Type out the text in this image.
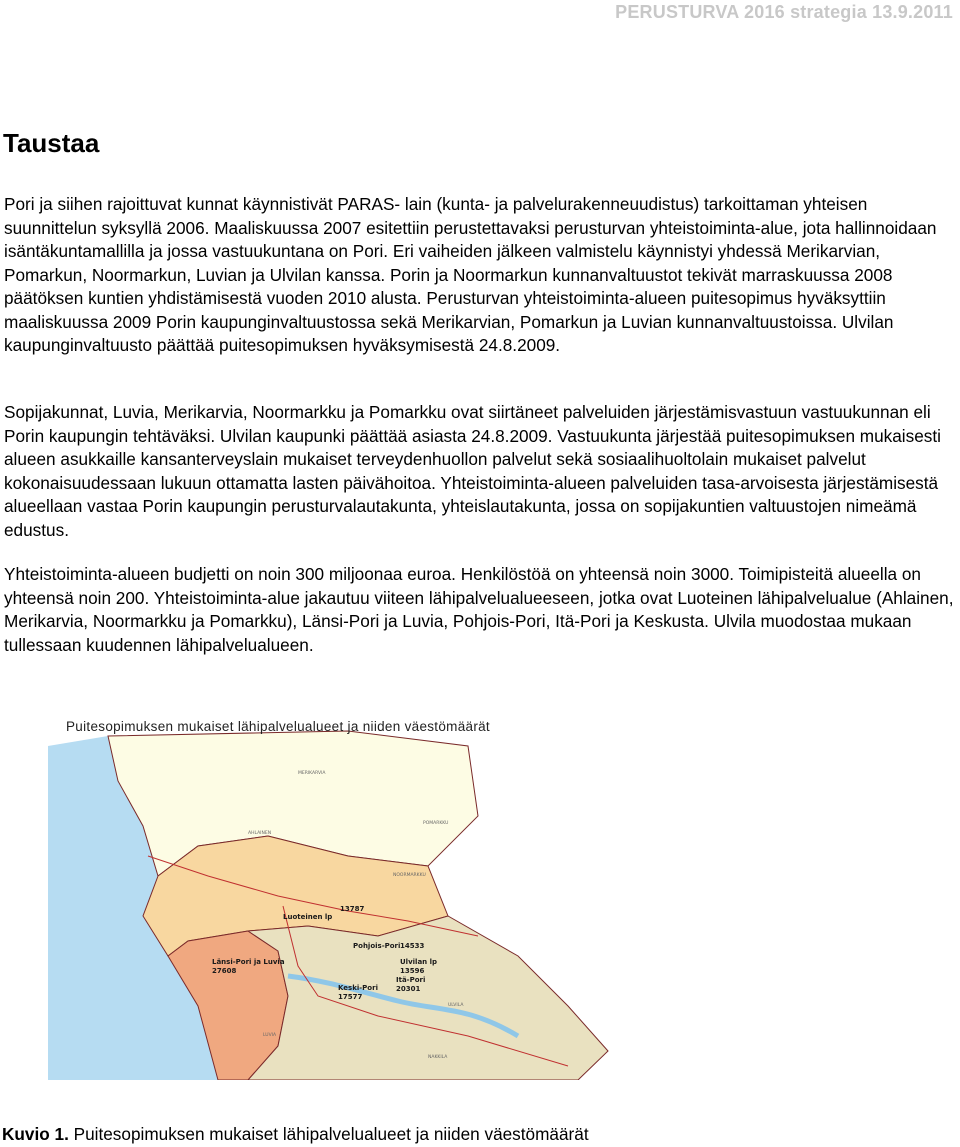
PERUSTURVA 2016 strategia 13.9.2011
Taustaa

Pori ja siihen rajoittuvat kunnat käynnistivät PARAS- lain (kunta- ja palvelurakenneuudistus) tarkoittaman yhteisen suunnittelun syksyllä 2006. Maaliskuussa 2007 esitettiin perustettavaksi perusturvan yhteistoiminta-alue, jota hallinnoidaan isäntäkuntamallilla ja jossa vastuukuntana on Pori. Eri vaiheiden jälkeen valmistelu käynnistyi yhdessä Merikarvian, Pomarkun, Noormarkun, Luvian ja Ulvilan kanssa. Porin ja Noormarkun kunnanvaltuustot tekivät marraskuussa 2008 päätöksen kuntien yhdistämisestä vuoden 2010 alusta. Perusturvan yhteistoiminta-alueen puitesopimus hyväksyttiin maaliskuussa 2009 Porin kaupunginvaltuustossa sekä Merikarvian, Pomarkun ja Luvian kunnanvaltuustoissa. Ulvilan kaupunginvaltuusto päättää puitesopimuksen hyväksymisestä 24.8.2009.

Sopijakunnat, Luvia, Merikarvia, Noormarkku ja Pomarkku ovat siirtäneet palveluiden järjestämisvastuun vastuukunnan eli Porin kaupungin tehtäväksi. Ulvilan kaupunki päättää asiasta 24.8.2009. Vastuukunta järjestää puitesopimuksen mukaisesti alueen asukkaille kansanterveyslain mukaiset terveydenhuollon palvelut sekä sosiaalihuoltolain mukaiset palvelut kokonaisuudessaan lukuun ottamatta lasten päivähoitoa. Yhteistoiminta-alueen palveluiden tasa-arvoisesta järjestämisestä alueellaan vastaa Porin kaupungin perusturvalautakunta, yhteislautakunta, jossa on sopijakuntien valtuustojen nimeämä edustus.

Yhteistoiminta-alueen budjetti on noin 300 miljoonaa euroa. Henkilöstöä on yhteensä noin 3000. Toimipisteitä alueella on yhteensä noin 200. Yhteistoiminta-alue jakautuu viiteen lähipalvelualueeseen, jotka ovat Luoteinen lähipalvelualue (Ahlainen, Merikarvia, Noormarkku ja Pomarkku), Länsi-Pori ja Luvia, Pohjois-Pori, Itä-Pori ja Keskusta. Ulvila muodostaa mukaan tullessaan kuudennen lähipalvelualueen.

MERIKARVIA
POMARKKU
NOORMARKKU
AHLAINEN
LUVIA
ULVILA
NAKKILA
Luoteinen lp
13787
Pohjois-Pori 14533
Länsi-Pori ja Luvia
27608
Ulvilan lp
13596
Itä-Pori
20301
Keski-Pori
17577
Puitesopimuksen mukaiset lähipalvelualueet ja niiden väestömäärät

Kuvio 1. Puitesopimuksen mukaiset lähipalvelualueet ja niiden väestömäärät
